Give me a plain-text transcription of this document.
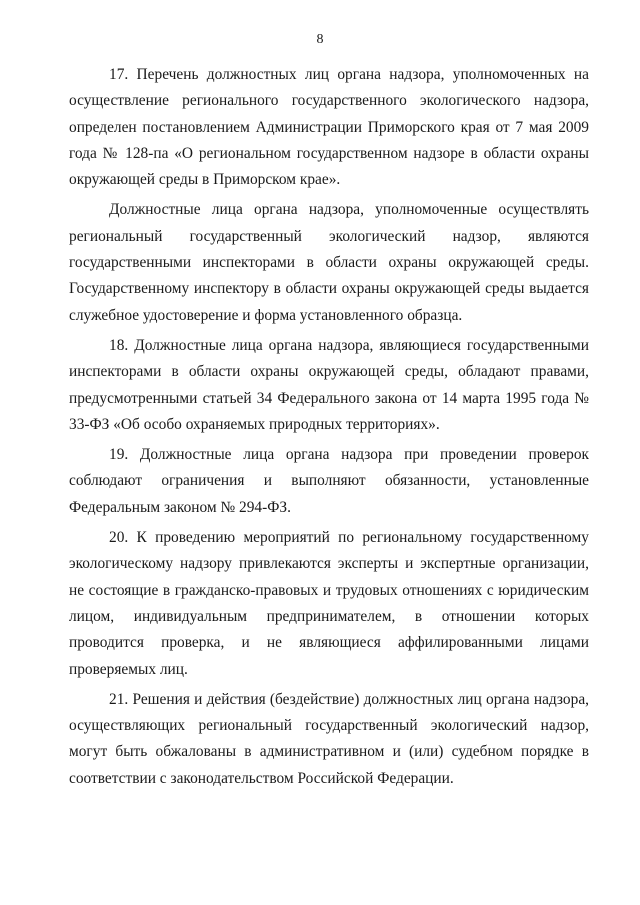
8

17. Перечень должностных лиц органа надзора, уполномоченных на осуществление регионального государственного экологического надзора, определен постановлением Администрации Приморского края от 7 мая 2009 года № 128-па «О региональном государственном надзоре в области охраны окружающей среды в Приморском крае».

Должностные лица органа надзора, уполномоченные осуществлять региональный государственный экологический надзор, являются государственными инспекторами в области охраны окружающей среды. Государственному инспектору в области охраны окружающей среды выдается служебное удостоверение и форма установленного образца.

18. Должностные лица органа надзора, являющиеся государственными инспекторами в области охраны окружающей среды, обладают правами, предусмотренными статьей 34 Федерального закона от 14 марта 1995 года № 33-ФЗ «Об особо охраняемых природных территориях».

19. Должностные лица органа надзора при проведении проверок соблюдают ограничения и выполняют обязанности, установленные Федеральным законом № 294-ФЗ.

20. К проведению мероприятий по региональному государственному экологическому надзору привлекаются эксперты и экспертные организации, не состоящие в гражданско-правовых и трудовых отношениях с юридическим лицом, индивидуальным предпринимателем, в отношении которых проводится проверка, и не являющиеся аффилированными лицами проверяемых лиц.

21. Решения и действия (бездействие) должностных лиц органа надзора, осуществляющих региональный государственный экологический надзор, могут быть обжалованы в административном и (или) судебном порядке в соответствии с законодательством Российской Федерации.
